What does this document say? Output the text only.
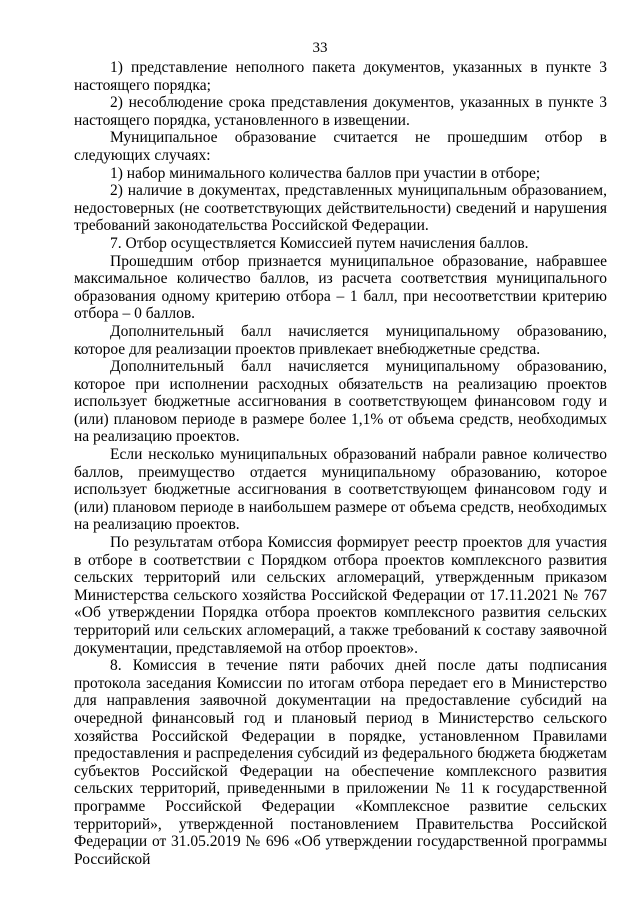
33

1) представление неполного пакета документов, указанных в пункте 3 настоящего порядка;

2) несоблюдение срока представления документов, указанных в пункте 3 настоящего порядка, установленного в извещении.

Муниципальное образование считается не прошедшим отбор в следующих случаях:

1) набор минимального количества баллов при участии в отборе;

2) наличие в документах, представленных муниципальным образованием, недостоверных (не соответствующих действительности) сведений и нарушения требований законодательства Российской Федерации.

7. Отбор осуществляется Комиссией путем начисления баллов.

Прошедшим отбор признается муниципальное образование, набравшее максимальное количество баллов, из расчета соответствия муниципального образования одному критерию отбора – 1 балл, при несоответствии критерию отбора – 0 баллов.

Дополнительный балл начисляется муниципальному образованию, которое для реализации проектов привлекает внебюджетные средства.

Дополнительный балл начисляется муниципальному образованию, которое при исполнении расходных обязательств на реализацию проектов использует бюджетные ассигнования в соответствующем финансовом году и (или) плановом периоде в размере более 1,1% от объема средств, необходимых на реализацию проектов.

Если несколько муниципальных образований набрали равное количество баллов, преимущество отдается муниципальному образованию, которое использует бюджетные ассигнования в соответствующем финансовом году и (или) плановом периоде в наибольшем размере от объема средств, необходимых на реализацию проектов.

По результатам отбора Комиссия формирует реестр проектов для участия в отборе в соответствии с Порядком отбора проектов комплексного развития сельских территорий или сельских агломераций, утвержденным приказом Министерства сельского хозяйства Российской Федерации от 17.11.2021 № 767 «Об утверждении Порядка отбора проектов комплексного развития сельских территорий или сельских агломераций, а также требований к составу заявочной документации, представляемой на отбор проектов».

8. Комиссия в течение пяти рабочих дней после даты подписания протокола заседания Комиссии по итогам отбора передает его в Министерство для направления заявочной документации на предоставление субсидий на очередной финансовый год и плановый период в Министерство сельского хозяйства Российской Федерации в порядке, установленном Правилами предоставления и распределения субсидий из федерального бюджета бюджетам субъектов Российской Федерации на обеспечение комплексного развития сельских территорий, приведенными в приложении № 11 к государственной программе Российской Федерации «Комплексное развитие сельских территорий», утвержденной постановлением Правительства Российской Федерации от 31.05.2019 № 696 «Об утверждении государственной программы Российской
